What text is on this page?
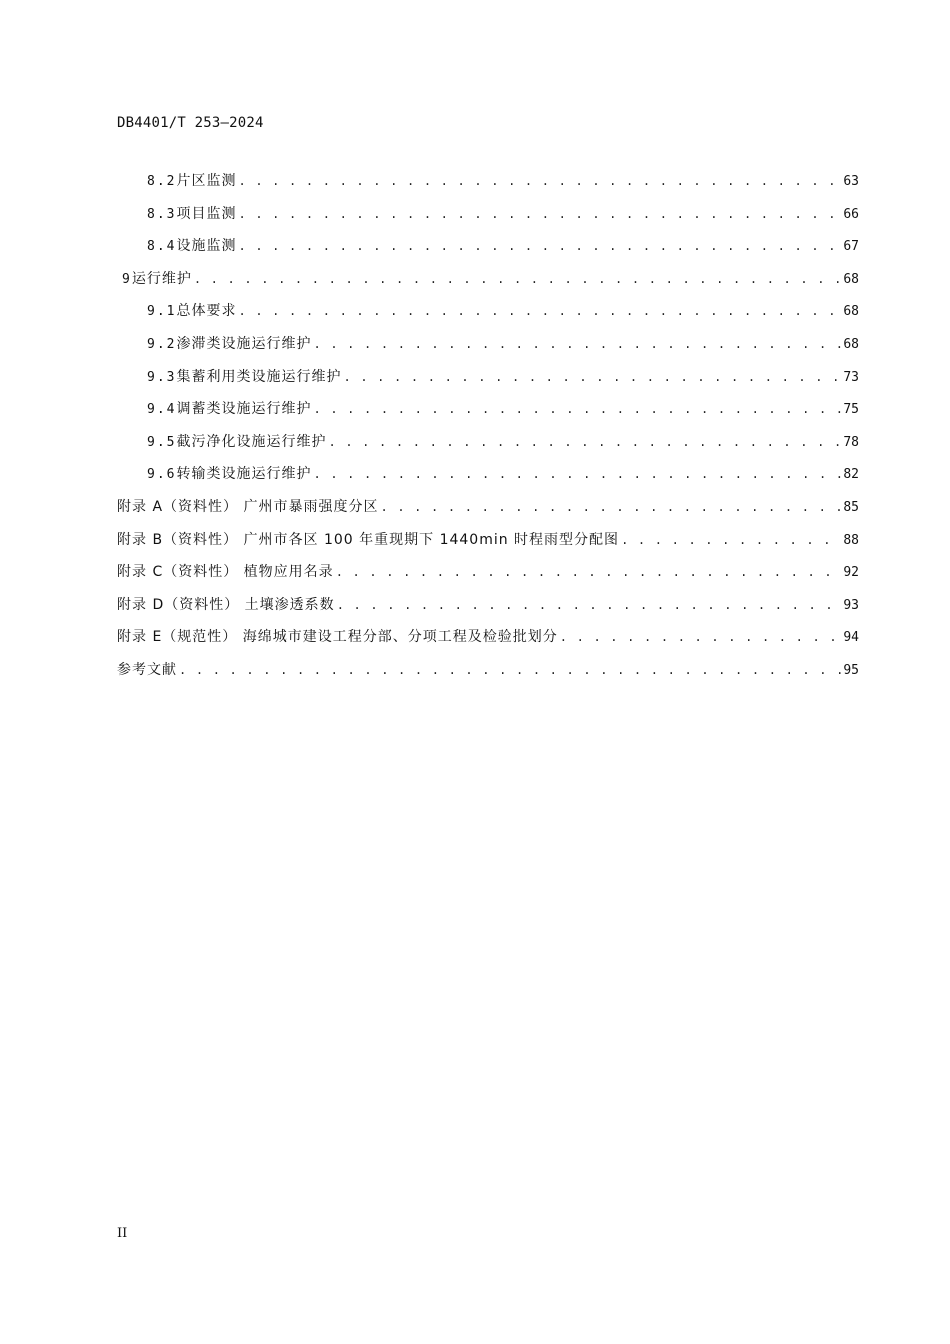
DB4401/T 253—2024
8.2 片区监测 . . .	63
8.3 项目监测 . . .	66
8.4 设施监测 . . .	67
9 运行维护 . . .	68
9.1 总体要求 . . .	68
9.2 渗滞类设施运行维护 . . .	68
9.3 集蓄利用类设施运行维护 . . .	73
9.4 调蓄类设施运行维护 . . .	75
9.5 截污净化设施运行维护 . . .	78
9.6 转输类设施运行维护 . . .	82
附录 A（资料性） 广州市暴雨强度分区 . . .	85
附录 B（资料性） 广州市各区 100 年重现期下 1440min 时程雨型分配图 . . .	88
附录 C（资料性） 植物应用名录 . . .	92
附录 D（资料性） 土壤渗透系数 . . .	93
附录 E（规范性） 海绵城市建设工程分部、分项工程及检验批划分 . . .	94
参考文献 . . .	95
II
